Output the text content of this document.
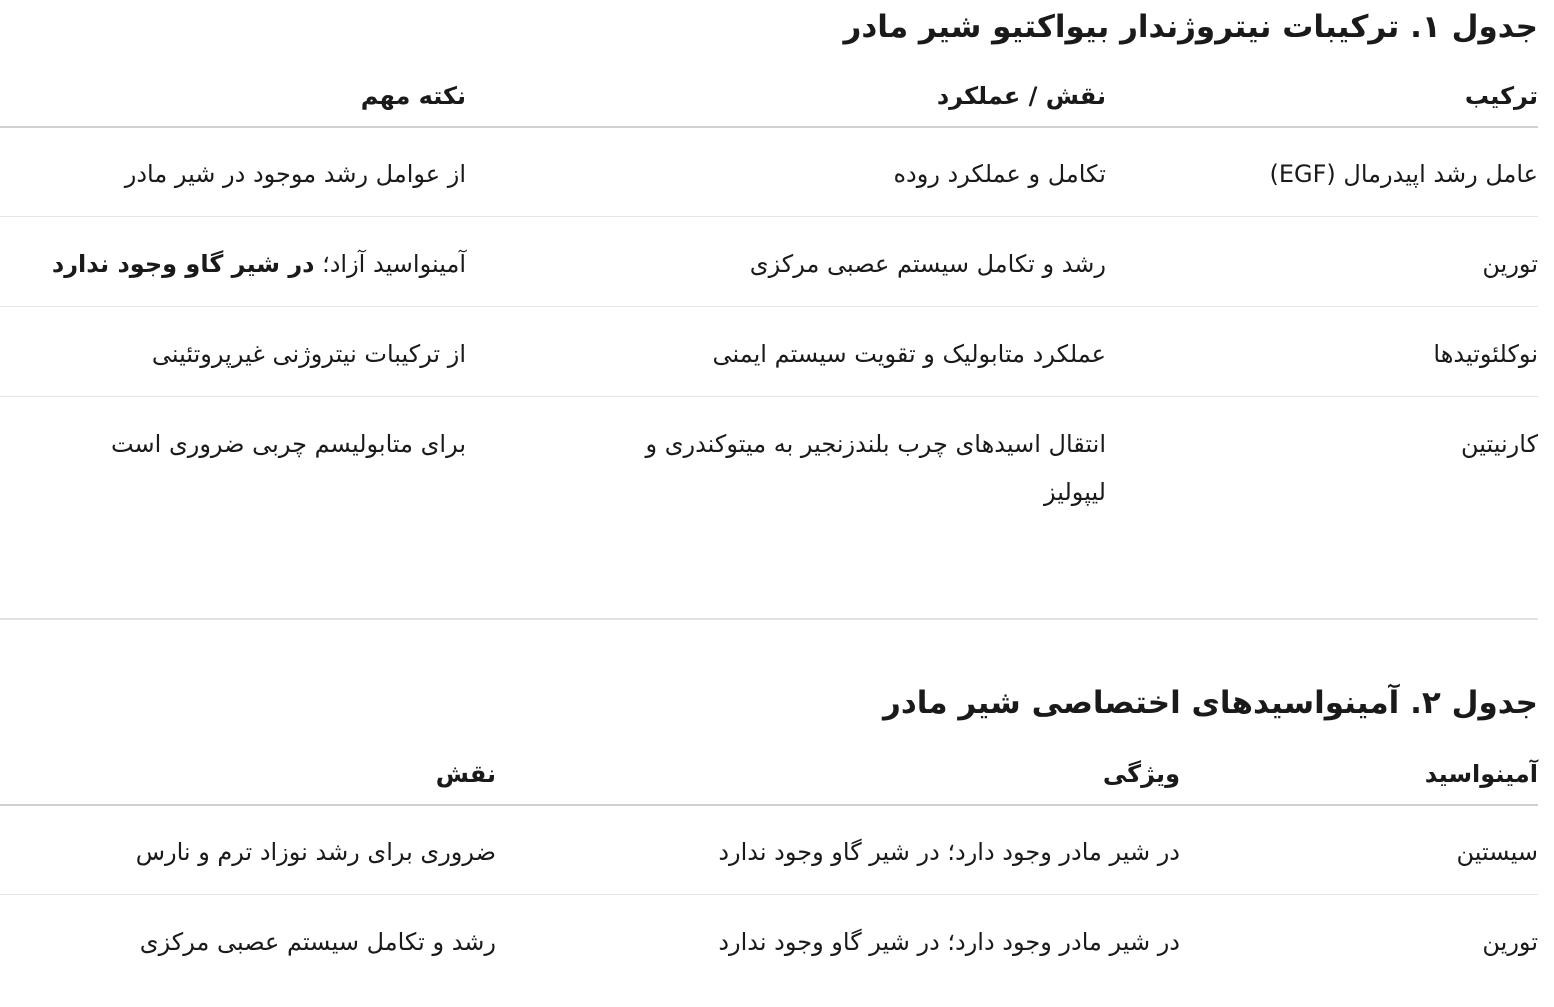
جدول ۱. ترکیبات نیتروژندار بیواکتیو شیر مادر
ترکیب
نقش / عملکرد
نکته مهم
عامل رشد اپیدرمال (EGF)
تکامل و عملکرد روده
از عوامل رشد موجود در شیر مادر
تورین
رشد و تکامل سیستم عصبی مرکزی
آمینواسید آزاد؛ در شیر گاو وجود ندارد
نوکلئوتیدها
عملکرد متابولیک و تقویت سیستم ایمنی
از ترکیبات نیتروژنی غیرپروتئینی
کارنیتین
انتقال اسیدهای چرب بلندزنجیر به میتوکندری و لیپولیز
برای متابولیسم چربی ضروری است
جدول ۲. آمینواسیدهای اختصاصی شیر مادر
آمینواسید
ویژگی
نقش
سیستین
در شیر مادر وجود دارد؛ در شیر گاو وجود ندارد
ضروری برای رشد نوزاد ترم و نارس
تورین
در شیر مادر وجود دارد؛ در شیر گاو وجود ندارد
رشد و تکامل سیستم عصبی مرکزی
